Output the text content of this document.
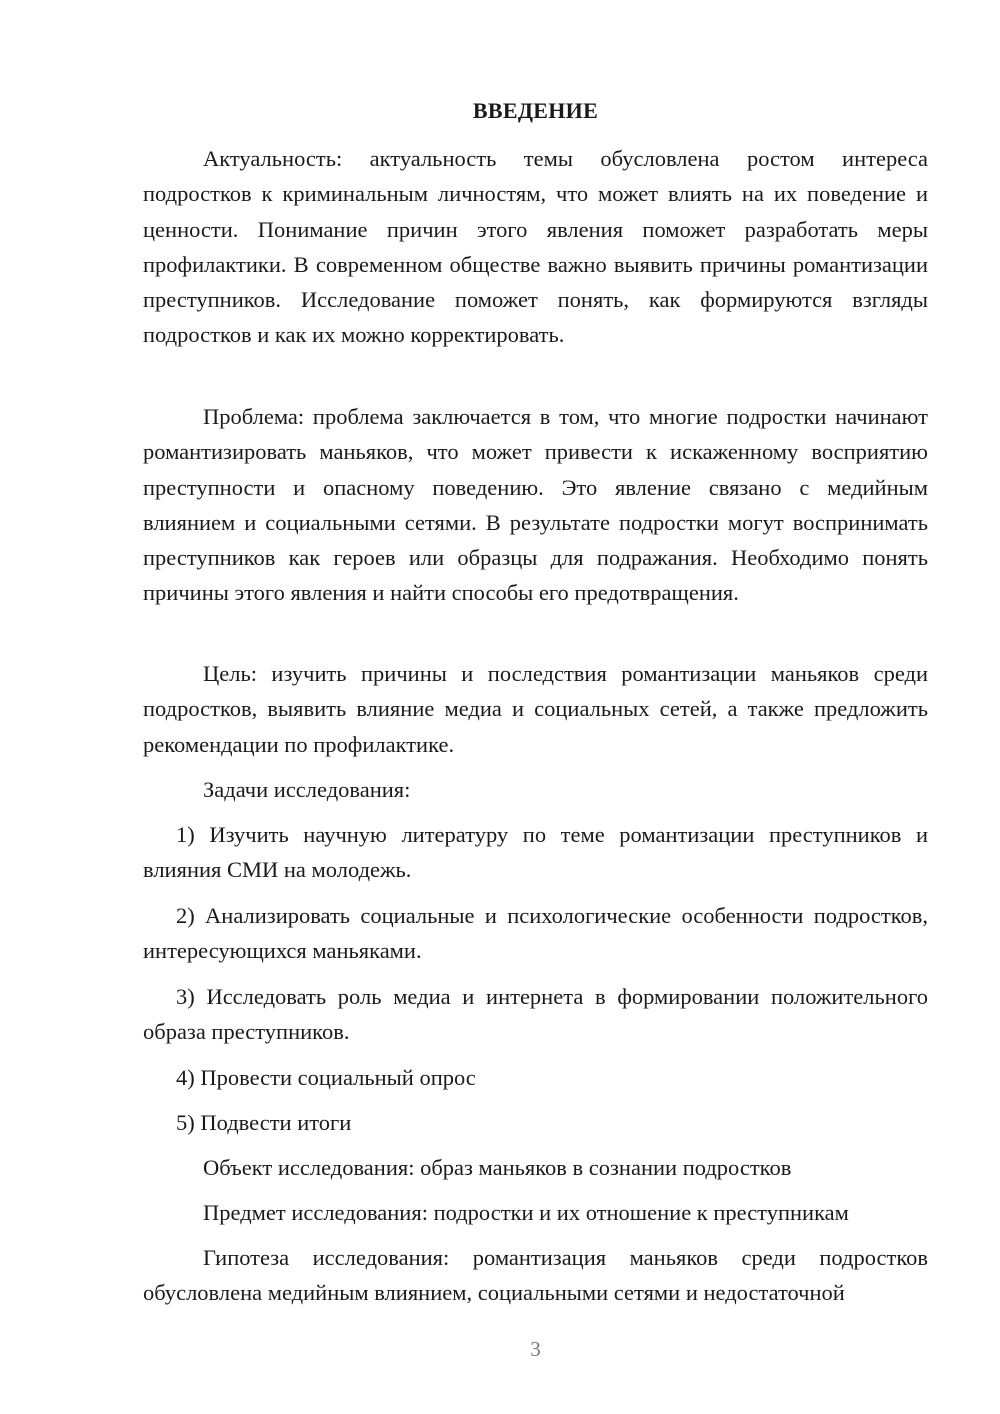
ВВЕДЕНИЕ

Актуальность: актуальность темы обусловлена ростом интереса подростков к криминальным личностям, что может влиять на их поведение и ценности. Понимание причин этого явления поможет разработать меры профилактики. В современном обществе важно выявить причины романтизации преступников. Исследование поможет понять, как формируются взгляды подростков и как их можно корректировать.

Проблема: проблема заключается в том, что многие подростки начинают романтизировать маньяков, что может привести к искаженному восприятию преступности и опасному поведению. Это явление связано с медийным влиянием и социальными сетями. В результате подростки могут воспринимать преступников как героев или образцы для подражания. Необходимо понять причины этого явления и найти способы его предотвращения.

Цель: изучить причины и последствия романтизации маньяков среди подростков, выявить влияние медиа и социальных сетей, а также предложить рекомендации по профилактике.

Задачи исследования:

1) Изучить научную литературу по теме романтизации преступников и влияния СМИ на молодежь.

2) Анализировать социальные и психологические особенности подростков, интересующихся маньяками.

3) Исследовать роль медиа и интернета в формировании положительного образа преступников.

4) Провести социальный опрос

5) Подвести итоги

Объект исследования: образ маньяков в сознании подростков

Предмет исследования: подростки и их отношение к преступникам

Гипотеза исследования: романтизация маньяков среди подростков обусловлена медийным влиянием, социальными сетями и недостаточной

3
